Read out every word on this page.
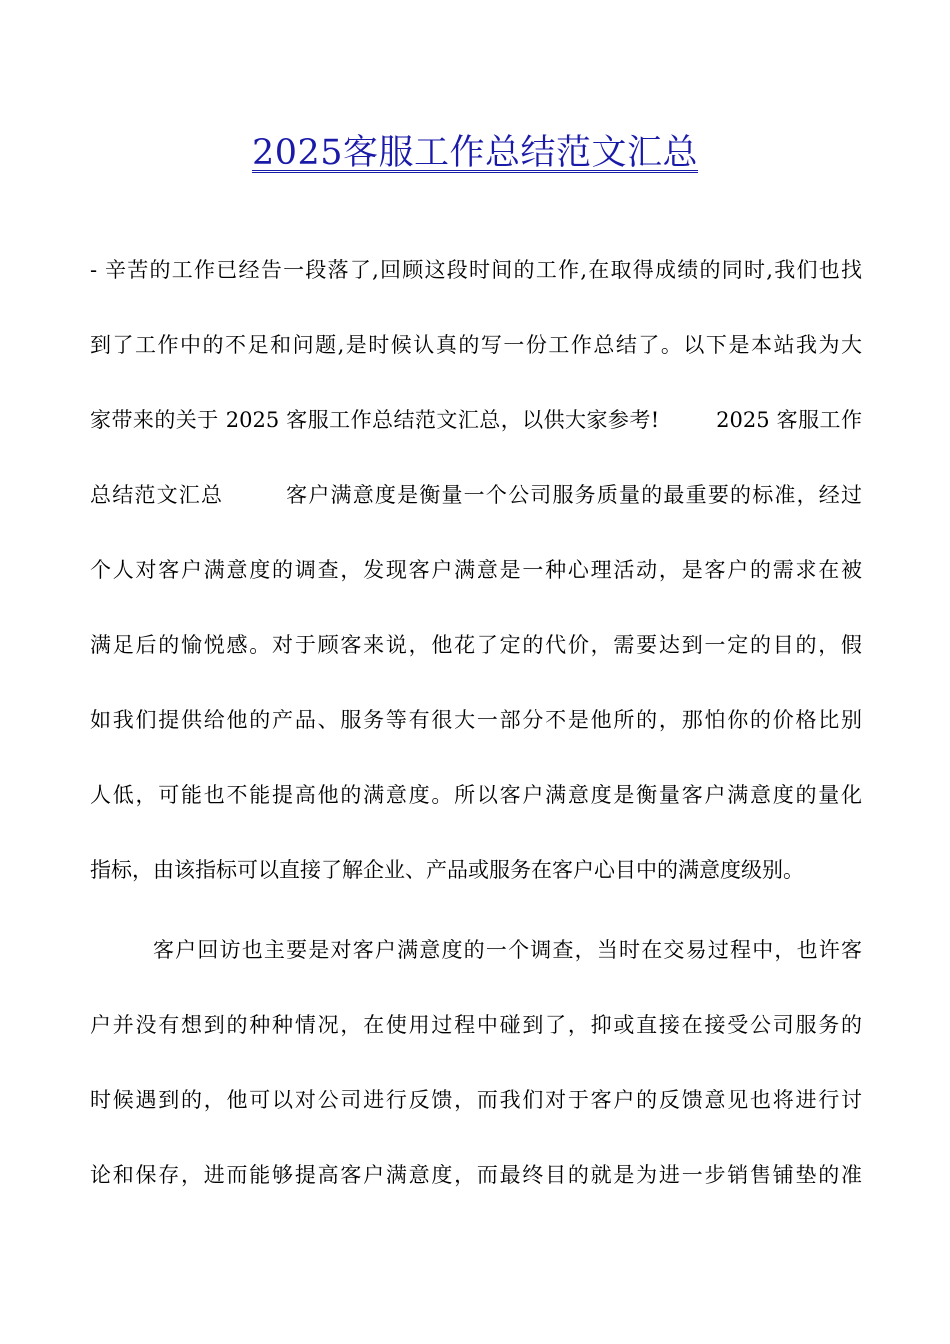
2025客服工作总结范文汇总
- 辛苦的工作已经告一段落了,回顾这段时间的工作,在取得成绩的同时,我们也找
到了工作中的不足和问题,是时候认真的写一份工作总结了。以下是本站我为大
家带来的关于 2025 客服工作总结范文汇总，以供大家参考!        2025 客服工作
总结范文汇总        客户满意度是衡量一个公司服务质量的最重要的标准，经过
个人对客户满意度的调查，发现客户满意是一种心理活动，是客户的需求在被
满足后的愉悦感。对于顾客来说，他花了定的代价，需要达到一定的目的，假
如我们提供给他的产品、服务等有很大一部分不是他所的，那怕你的价格比别
人低，可能也不能提高他的满意度。所以客户满意度是衡量客户满意度的量化
指标，由该指标可以直接了解企业、产品或服务在客户心目中的满意度级别。
客户回访也主要是对客户满意度的一个调查，当时在交易过程中，也许客
户并没有想到的种种情况，在使用过程中碰到了，抑或直接在接受公司服务的
时候遇到的，他可以对公司进行反馈，而我们对于客户的反馈意见也将进行讨
论和保存，进而能够提高客户满意度，而最终目的就是为进一步销售铺垫的准
